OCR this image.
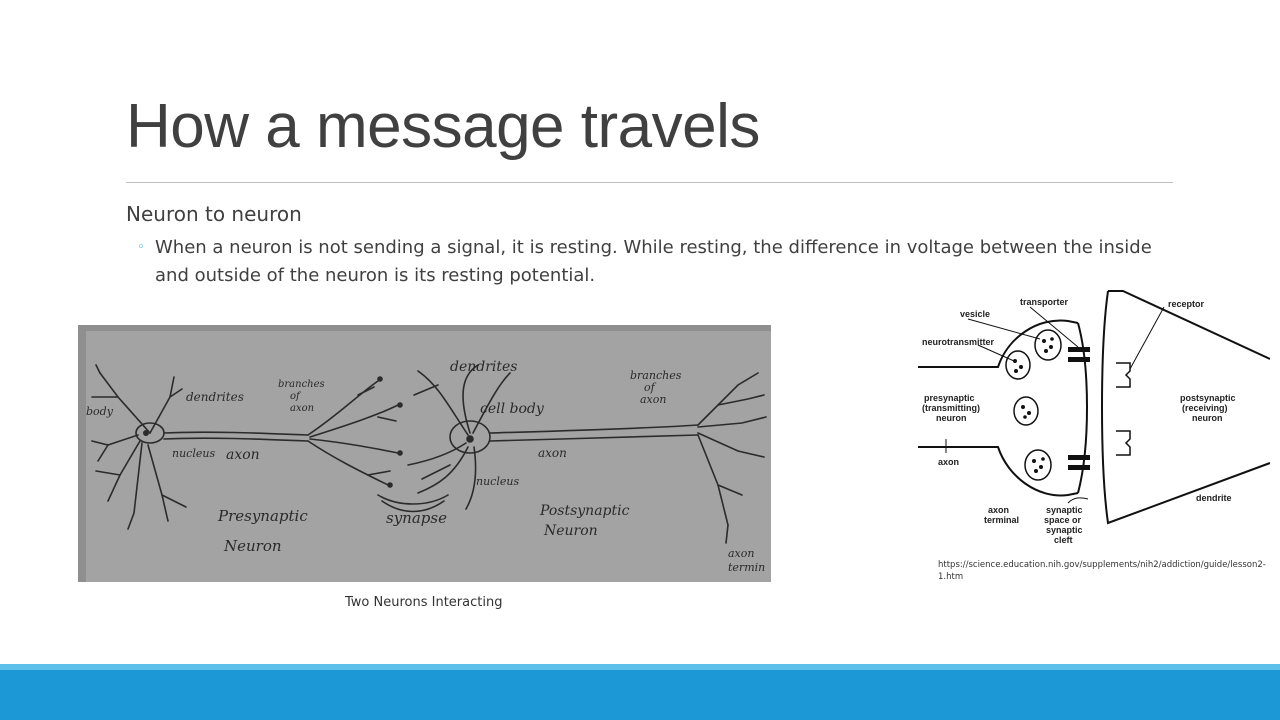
How a message travels
Neuron to neuron
◦ When a neuron is not sending a signal, it is resting. While resting, the difference in voltage between the inside and outside of the neuron is its resting potential.
body
dendrites
nucleus axon
branches
of
axon
dendrites
cell body
nucleus
axon
branches
of
axon
Presynaptic
Neuron
synapse	Postsynaptic
Neuron
axon
termin
Two Neurons Interacting
transporter
vesicle
neurotransmitter
presynaptic
(transmitting)
neuron
axon
axon
terminal
synaptic
space or
synaptic
cleft
receptor
postsynaptic
(receiving)
neuron
dendrite
https://science.education.nih.gov/supplements/nih2/addiction/guide/lesson2-1.htm
